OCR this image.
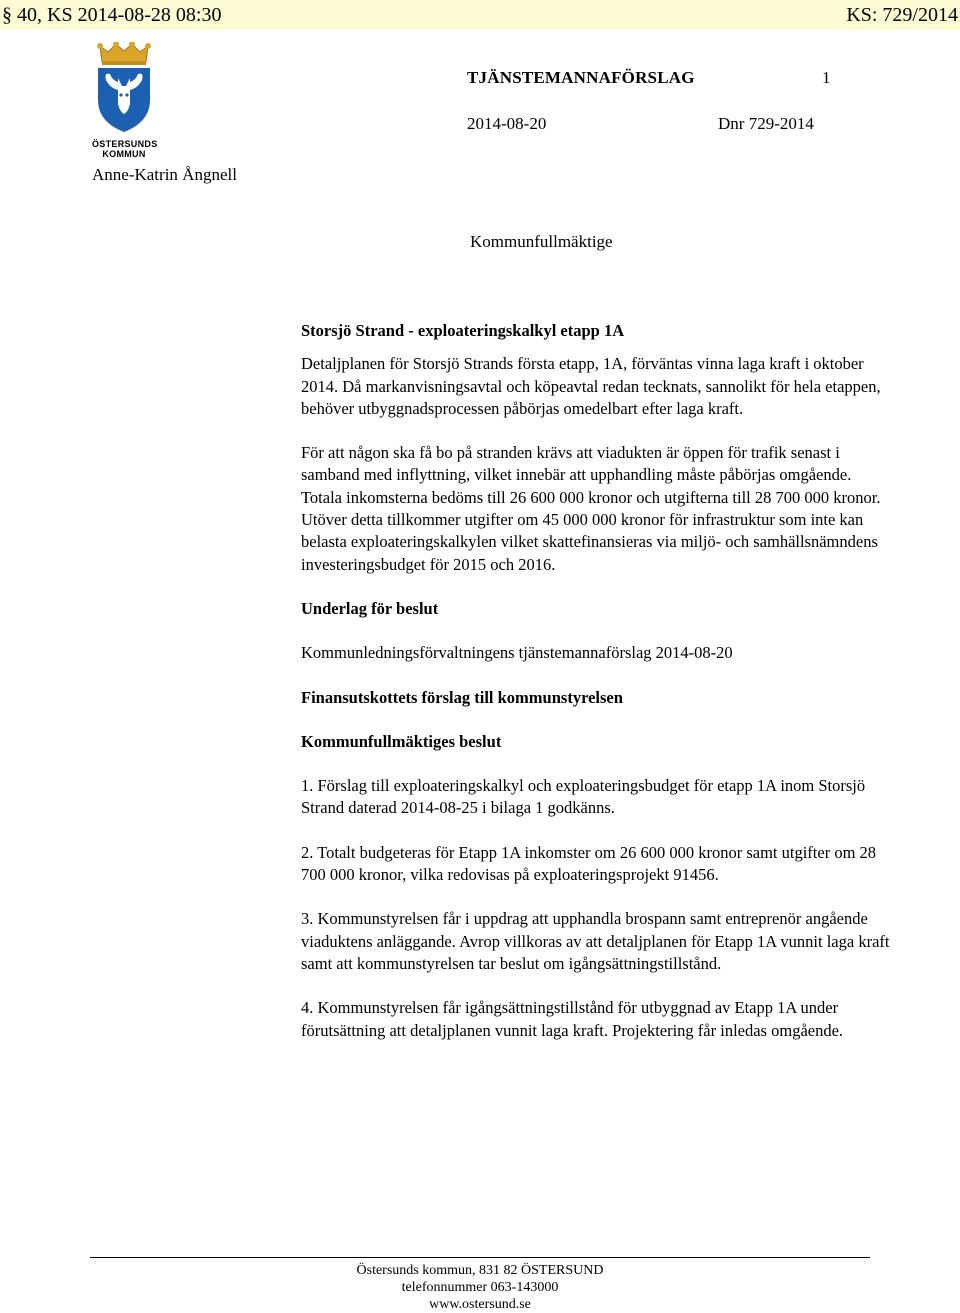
§ 40, KS 2014-08-28 08:30	KS: 729/2014
ÖSTERSUNDS
KOMMUN
TJÄNSTEMANNAFÖRSLAG	1
2014-08-20	Dnr 729-2014
Anne-Katrin Ångnell
Kommunfullmäktige

Storsjö Strand - exploateringskalkyl etapp 1A

Detaljplanen för Storsjö Strands första etapp, 1A, förväntas vinna laga kraft i oktober 2014. Då markanvisningsavtal och köpeavtal redan tecknats, sannolikt för hela etappen, behöver utbyggnadsprocessen påbörjas omedelbart efter laga kraft.

För att någon ska få bo på stranden krävs att viadukten är öppen för trafik senast i samband med inflyttning, vilket innebär att upphandling måste påbörjas omgående. Totala inkomsterna bedöms till 26 600 000 kronor och utgifterna till 28 700 000 kronor. Utöver detta tillkommer utgifter om 45 000 000 kronor för infrastruktur som inte kan belasta exploateringskalkylen vilket skattefinansieras via miljö- och samhällsnämndens investeringsbudget för 2015 och 2016.

Underlag för beslut

Kommunledningsförvaltningens tjänstemannaförslag 2014-08-20

Finansutskottets förslag till kommunstyrelsen

Kommunfullmäktiges beslut

1. Förslag till exploateringskalkyl och exploateringsbudget för etapp 1A inom Storsjö Strand daterad 2014-08-25 i bilaga 1 godkänns.

2. Totalt budgeteras för Etapp 1A inkomster om 26 600 000 kronor samt utgifter om 28 700 000 kronor, vilka redovisas på exploateringsprojekt 91456.

3. Kommunstyrelsen får i uppdrag att upphandla brospann samt entreprenör angående viaduktens anläggande. Avrop villkoras av att detaljplanen för Etapp 1A vunnit laga kraft samt att kommunstyrelsen tar beslut om igångsättningstillstånd.

4. Kommunstyrelsen får igångsättningstillstånd för utbyggnad av Etapp 1A under förutsättning att detaljplanen vunnit laga kraft. Projektering får inledas omgående.

Östersunds kommun, 831 82 ÖSTERSUND
telefonnummer 063-143000
www.ostersund.se
